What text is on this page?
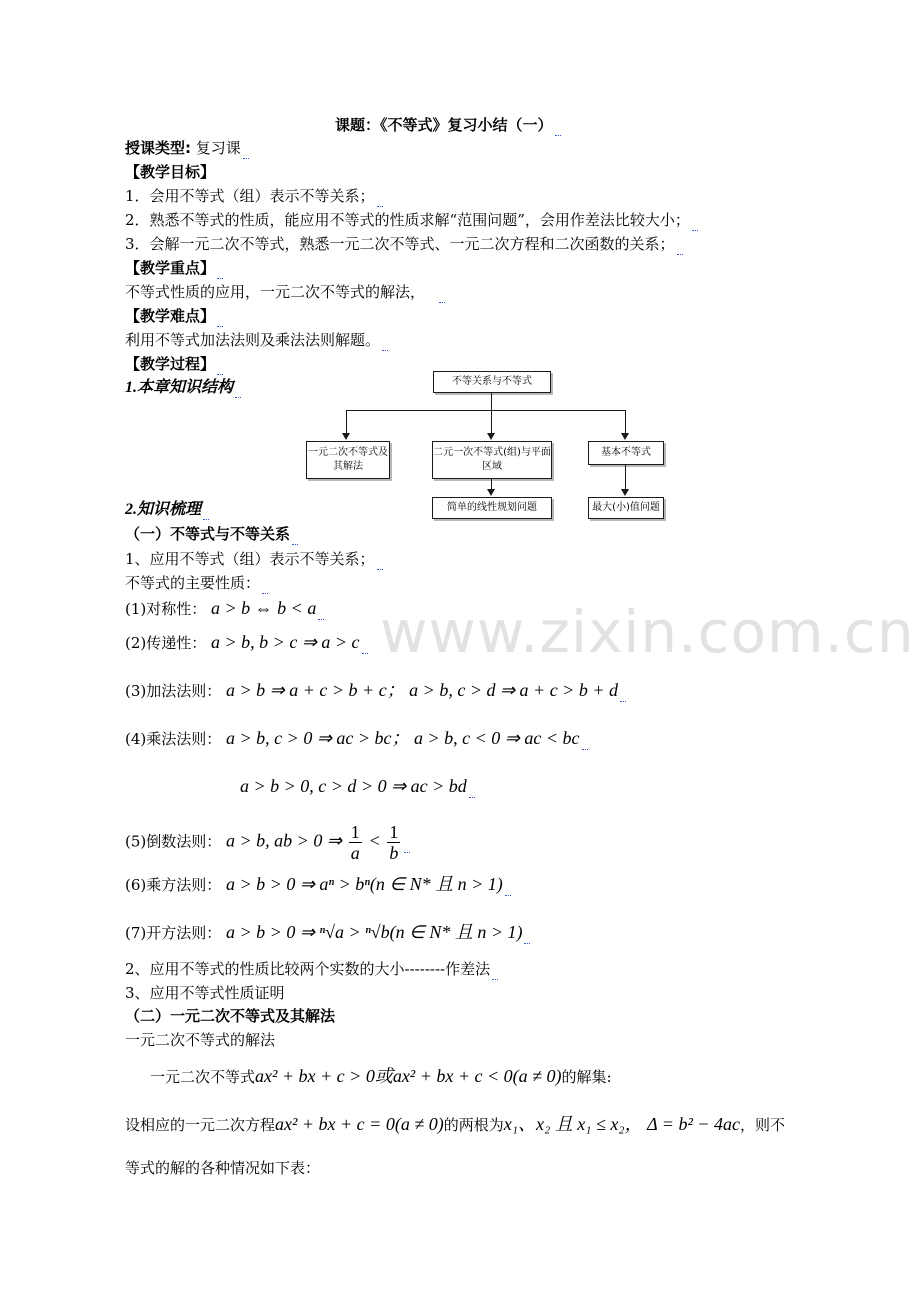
www.zixin.com.cn
课题：《不等式》复习小结（一）
授课类型: 复习课
【教学目标】
1．会用不等式（组）表示不等关系；
2．熟悉不等式的性质，能应用不等式的性质求解“范围问题”，会用作差法比较大小；
3．会解一元二次不等式，熟悉一元二次不等式、一元二次方程和二次函数的关系；
【教学重点】
不等式性质的应用，一元二次不等式的解法，
【教学难点】
利用不等式加法法则及乘法法则解题。
【教学过程】
1.本章知识结构	不等关系与不等式
一元二次不等式及其解法
二元一次不等式(组)与平面区域
基本不等式
简单的线性规划问题	最大(小)值问题
2.知识梳理
（一）不等式与不等关系
1、应用不等式（组）表示不等关系；
不等式的主要性质：
(1)对称性： a > b ⇔ b < a
(2)传递性： a > b, b > c ⇒ a > c
(3)加法法则： a > b ⇒ a + c > b + c； a > b, c > d ⇒ a + c > b + d
(4)乘法法则： a > b, c > 0 ⇒ ac > bc； a > b, c < 0 ⇒ ac < bc
a > b > 0, c > d > 0 ⇒ ac > bd
(5)倒数法则： a > b, ab > 0 ⇒ $\frac{1}{a} < \frac{1}{b}$
(6)乘方法则： a > b > 0 ⇒ aⁿ > bⁿ(n ∈ N* 且 n > 1)
(7)开方法则： a > b > 0 ⇒ ⁿ√a > ⁿ√b(n ∈ N* 且 n > 1)
2、应用不等式的性质比较两个实数的大小--------作差法
3、应用不等式性质证明
（二）一元二次不等式及其解法
一元二次不等式的解法
一元二次不等式ax² + bx + c > 0或ax² + bx + c < 0(a ≠ 0)的解集:
设相应的一元二次方程ax² + bx + c = 0(a ≠ 0)的两根为x₁、x₂ 且 x₁ ≤ x₂， Δ = b² − 4ac，则不
等式的解的各种情况如下表：
